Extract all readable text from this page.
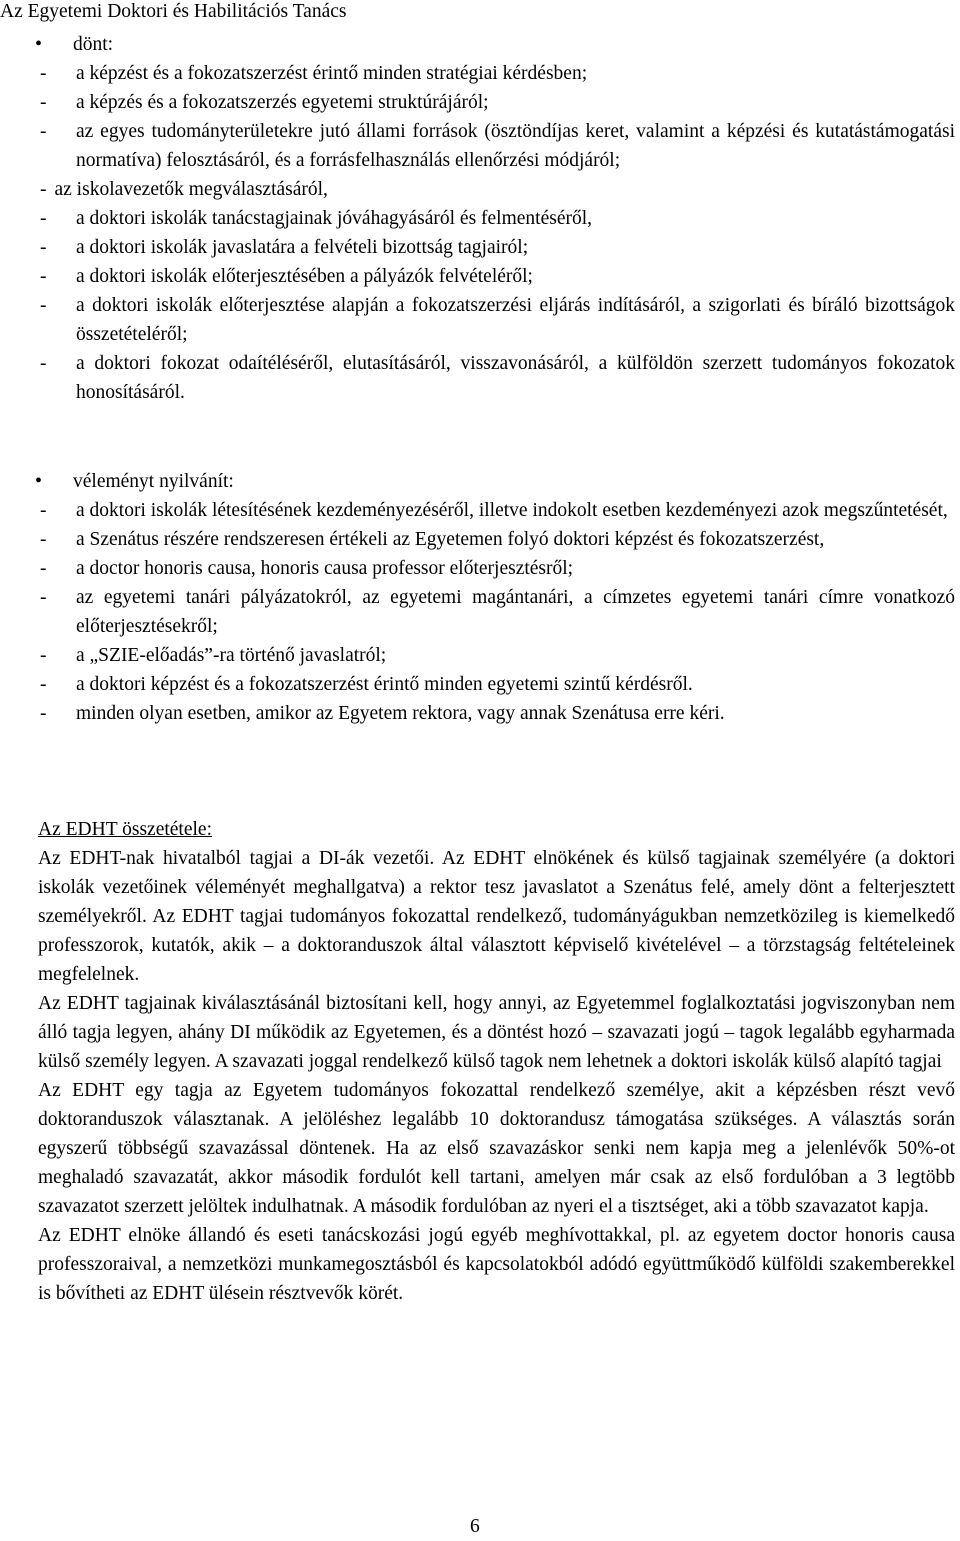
Az Egyetemi Doktori és Habilitációs Tanács
• dönt:
- a képzést és a fokozatszerzést érintő minden stratégiai kérdésben;
- a képzés és a fokozatszerzés egyetemi struktúrájáról;
- az egyes tudományterületekre jutó állami források (ösztöndíjas keret, valamint a képzési és kutatástámogatási normatíva) felosztásáról, és a forrásfelhasználás ellenőrzési módjáról;
- az iskolavezetők megválasztásáról,
- a doktori iskolák tanácstagjainak jóváhagyásáról és felmentéséről,
- a doktori iskolák javaslatára a felvételi bizottság tagjairól;
- a doktori iskolák előterjesztésében a pályázók felvételéről;
- a doktori iskolák előterjesztése alapján a fokozatszerzési eljárás indításáról, a szigorlati és bíráló bizottságok összetételéről;
- a doktori fokozat odaítéléséről, elutasításáról, visszavonásáról, a külföldön szerzett tudományos fokozatok honosításáról.
• véleményt nyilvánít:
- a doktori iskolák létesítésének kezdeményezéséről, illetve indokolt esetben kezdeményezi azok megszűntetését,
- a Szenátus részére rendszeresen értékeli az Egyetemen folyó doktori képzést és fokozatszerzést,
- a doctor honoris causa, honoris causa professor előterjesztésről;
- az egyetemi tanári pályázatokról, az egyetemi magántanári, a címzetes egyetemi tanári címre vonatkozó előterjesztésekről;
- a „SZIE-előadás”-ra történő javaslatról;
- a doktori képzést és a fokozatszerzést érintő minden egyetemi szintű kérdésről.
- minden olyan esetben, amikor az Egyetem rektora, vagy annak Szenátusa erre kéri.
Az EDHT összetétele:

Az EDHT-nak hivatalból tagjai a DI-ák vezetői. Az EDHT elnökének és külső tagjainak személyére (a doktori iskolák vezetőinek véleményét meghallgatva) a rektor tesz javaslatot a Szenátus felé, amely dönt a felterjesztett személyekről. Az EDHT tagjai tudományos fokozattal rendelkező, tudományágukban nemzetközileg is kiemelkedő professzorok, kutatók, akik – a doktoranduszok által választott képviselő kivételével – a törzstagság feltételeinek megfelelnek.

Az EDHT tagjainak kiválasztásánál biztosítani kell, hogy annyi, az Egyetemmel foglalkoztatási jogviszonyban nem álló tagja legyen, ahány DI működik az Egyetemen, és a döntést hozó – szavazati jogú – tagok legalább egyharmada külső személy legyen. A szavazati joggal rendelkező külső tagok nem lehetnek a doktori iskolák külső alapító tagjai

Az EDHT egy tagja az Egyetem tudományos fokozattal rendelkező személye, akit a képzésben részt vevő doktoranduszok választanak. A jelöléshez legalább 10 doktorandusz támogatása szükséges. A választás során egyszerű többségű szavazással döntenek. Ha az első szavazáskor senki nem kapja meg a jelenlévők 50%-ot meghaladó szavazatát, akkor második fordulót kell tartani, amelyen már csak az első fordulóban a 3 legtöbb szavazatot szerzett jelöltek indulhatnak. A második fordulóban az nyeri el a tisztséget, aki a több szavazatot kapja.

Az EDHT elnöke állandó és eseti tanácskozási jogú egyéb meghívottakkal, pl. az egyetem doctor honoris causa professzoraival, a nemzetközi munkamegosztásból és kapcsolatokból adódó együttműködő külföldi szakemberekkel is bővítheti az EDHT ülésein résztvevők körét.

6
